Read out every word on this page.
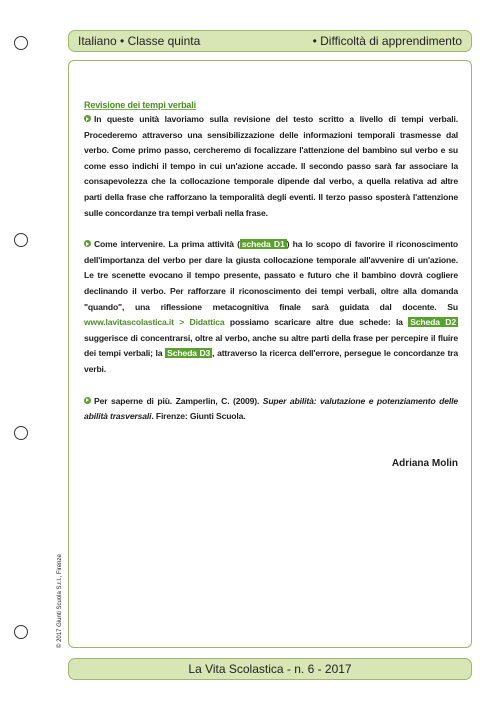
Italiano • Classe quinta	• Difficoltà di apprendimento
Revisione dei tempi verbali

In queste unità lavoriamo sulla revisione del testo scritto a livello di tempi verbali. Procederemo attraverso una sensibilizzazione delle informazioni temporali trasmesse dal verbo. Come primo passo, cercheremo di focalizzare l'attenzione del bambino sul verbo e su come esso indichi il tempo in cui un'azione accade. Il secondo passo sarà far associare la consapevolezza che la collocazione temporale dipende dal verbo, a quella relativa ad altre parti della frase che rafforzano la temporalità degli eventi. Il terzo passo sposterà l'attenzione sulle concordanze tra tempi verbali nella frase.

Come intervenire. La prima attività ( scheda D1 ) ha lo scopo di favorire il riconoscimento dell'importanza del verbo per dare la giusta collocazione temporale all'avvenire di un'azione. Le tre scenette evocano il tempo presente, passato e futuro che il bambino dovrà cogliere declinando il verbo. Per rafforzare il riconoscimento dei tempi verbali, oltre alla domanda "quando", una riflessione metacognitiva finale sarà guidata dal docente. Su www.lavitascolastica.it > Didattica possiamo scaricare altre due schede: la Scheda D2 suggerisce di concentrarsi, oltre al verbo, anche su altre parti della frase per percepire il fluire dei tempi verbali; la Scheda D3 , attraverso la ricerca dell'errore, persegue le concordanze tra verbi.

Per saperne di più. Zamperlin, C. (2009). Super abilità: valutazione e potenziamento delle abilità trasversali. Firenze: Giunti Scuola.

Adriana Molin
© 2017 Giunti Scuola S.r.l., Firenze
La Vita Scolastica - n. 6 - 2017
